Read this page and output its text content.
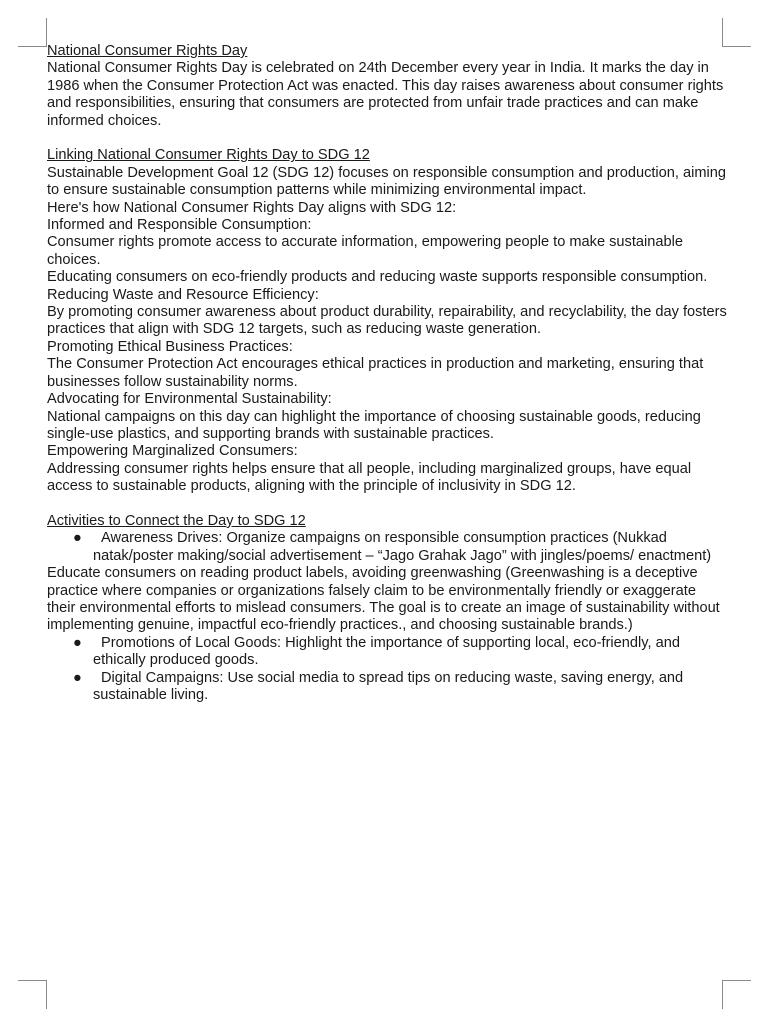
National Consumer Rights Day

National Consumer Rights Day is celebrated on 24th December every year in India. It marks the day in 1986 when the Consumer Protection Act was enacted. This day raises awareness about consumer rights and responsibilities, ensuring that consumers are protected from unfair trade practices and can make informed choices.

Linking National Consumer Rights Day to SDG 12

Sustainable Development Goal 12 (SDG 12) focuses on responsible consumption and production, aiming to ensure sustainable consumption patterns while minimizing environmental impact.

Here's how National Consumer Rights Day aligns with SDG 12:

Informed and Responsible Consumption:

Consumer rights promote access to accurate information, empowering people to make sustainable choices.

Educating consumers on eco-friendly products and reducing waste supports responsible consumption.

Reducing Waste and Resource Efficiency:

By promoting consumer awareness about product durability, repairability, and recyclability, the day fosters practices that align with SDG 12 targets, such as reducing waste generation.

Promoting Ethical Business Practices:

The Consumer Protection Act encourages ethical practices in production and marketing, ensuring that businesses follow sustainability norms.

Advocating for Environmental Sustainability:

National campaigns on this day can highlight the importance of choosing sustainable goods, reducing single-use plastics, and supporting brands with sustainable practices.

Empowering Marginalized Consumers:

Addressing consumer rights helps ensure that all people, including marginalized groups, have equal access to sustainable products, aligning with the principle of inclusivity in SDG 12.

Activities to Connect the Day to SDG 12

● Awareness Drives: Organize campaigns on responsible consumption practices (Nukkad natak/poster making/social advertisement – “Jago Grahak Jago” with jingles/poems/ enactment)

Educate consumers on reading product labels, avoiding greenwashing (Greenwashing is a deceptive practice where companies or organizations falsely claim to be environmentally friendly or exaggerate their environmental efforts to mislead consumers. The goal is to create an image of sustainability without implementing genuine, impactful eco-friendly practices., and choosing sustainable brands.)

● Promotions of Local Goods: Highlight the importance of supporting local, eco-friendly, and ethically produced goods.
● Digital Campaigns: Use social media to spread tips on reducing waste, saving energy, and sustainable living.
